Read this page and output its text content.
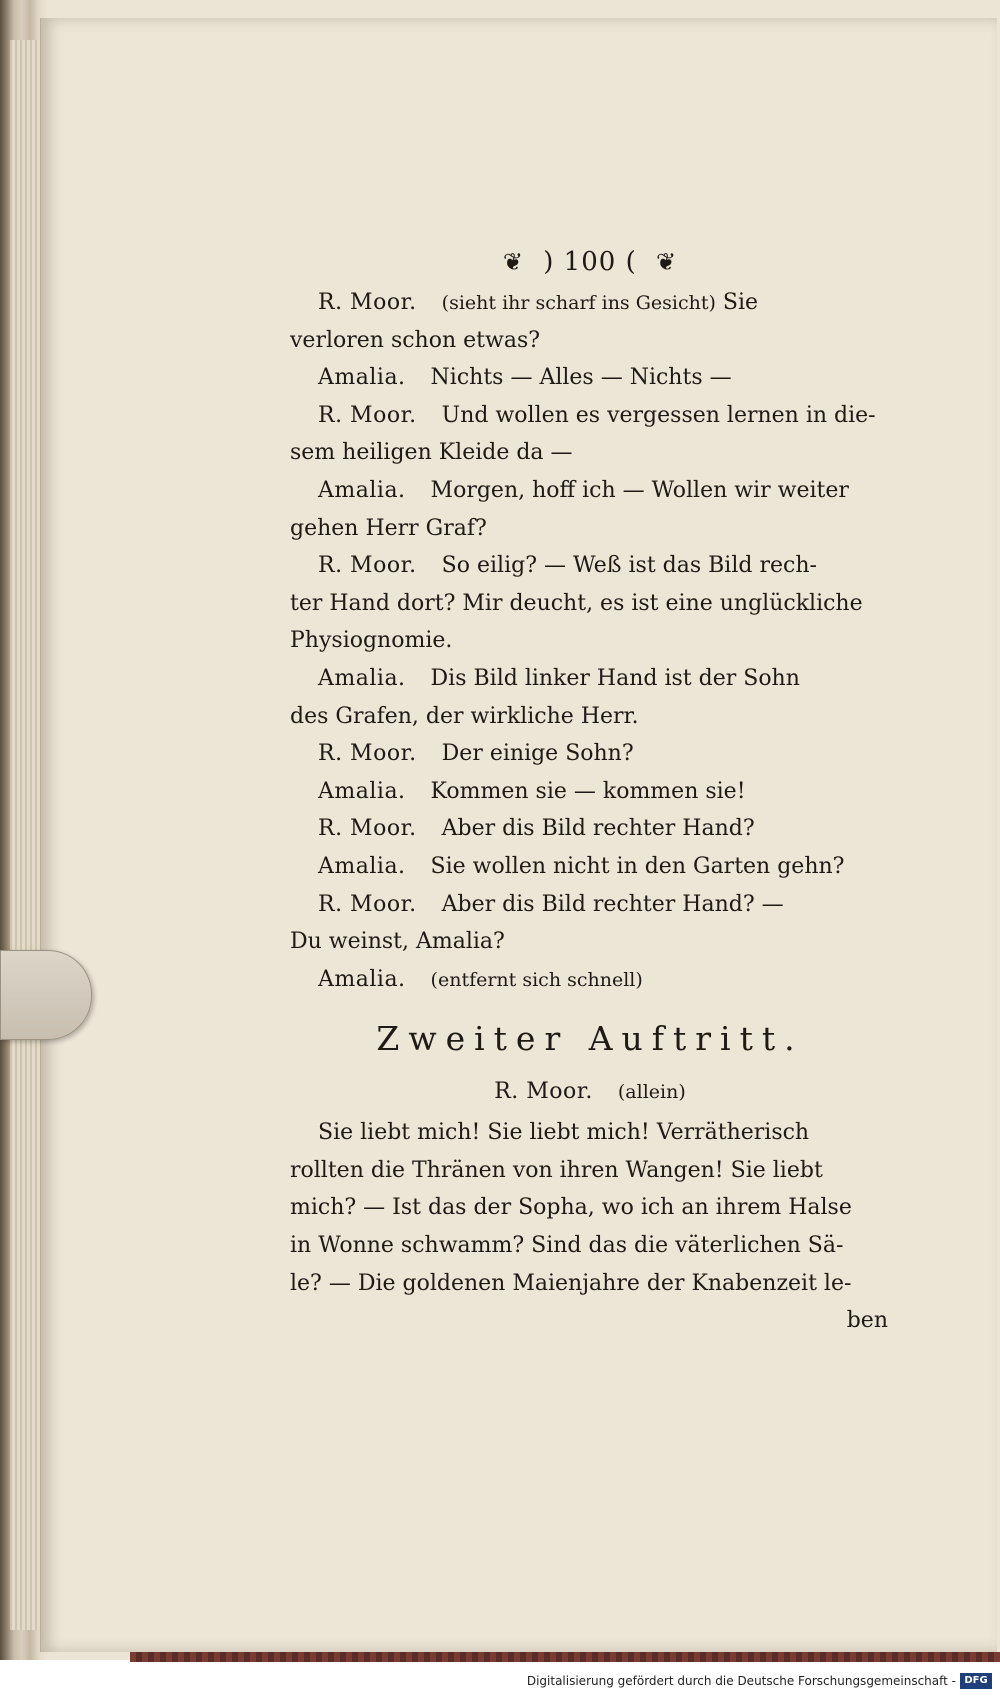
❦ ) 100 ( ❦
R. Moor. (sieht ihr scharf ins Gesicht) Sie
verloren schon etwas?
Amalia. Nichts — Alles — Nichts —
R. Moor. Und wollen es vergessen lernen in die-
sem heiligen Kleide da —
Amalia. Morgen, hoff ich — Wollen wir weiter
gehen Herr Graf?
R. Moor. So eilig? — Weß ist das Bild rech-
ter Hand dort? Mir deucht, es ist eine unglückliche
Physiognomie.
Amalia. Dis Bild linker Hand ist der Sohn
des Grafen, der wirkliche Herr.
R. Moor. Der einige Sohn?
Amalia. Kommen sie — kommen sie!
R. Moor. Aber dis Bild rechter Hand?
Amalia. Sie wollen nicht in den Garten gehn?
R. Moor. Aber dis Bild rechter Hand? —
Du weinst, Amalia?
Amalia. (entfernt sich schnell)
Zweiter Auftritt.
R. Moor. (allein)
Sie liebt mich! Sie liebt mich! Verrätherisch
rollten die Thränen von ihren Wangen! Sie liebt
mich? — Ist das der Sopha, wo ich an ihrem Halse
in Wonne schwamm? Sind das die väterlichen Sä-
le? — Die goldenen Maienjahre der Knabenzeit le-
ben
Digitalisierung gefördert durch die Deutsche Forschungsgemeinschaft - DFG
